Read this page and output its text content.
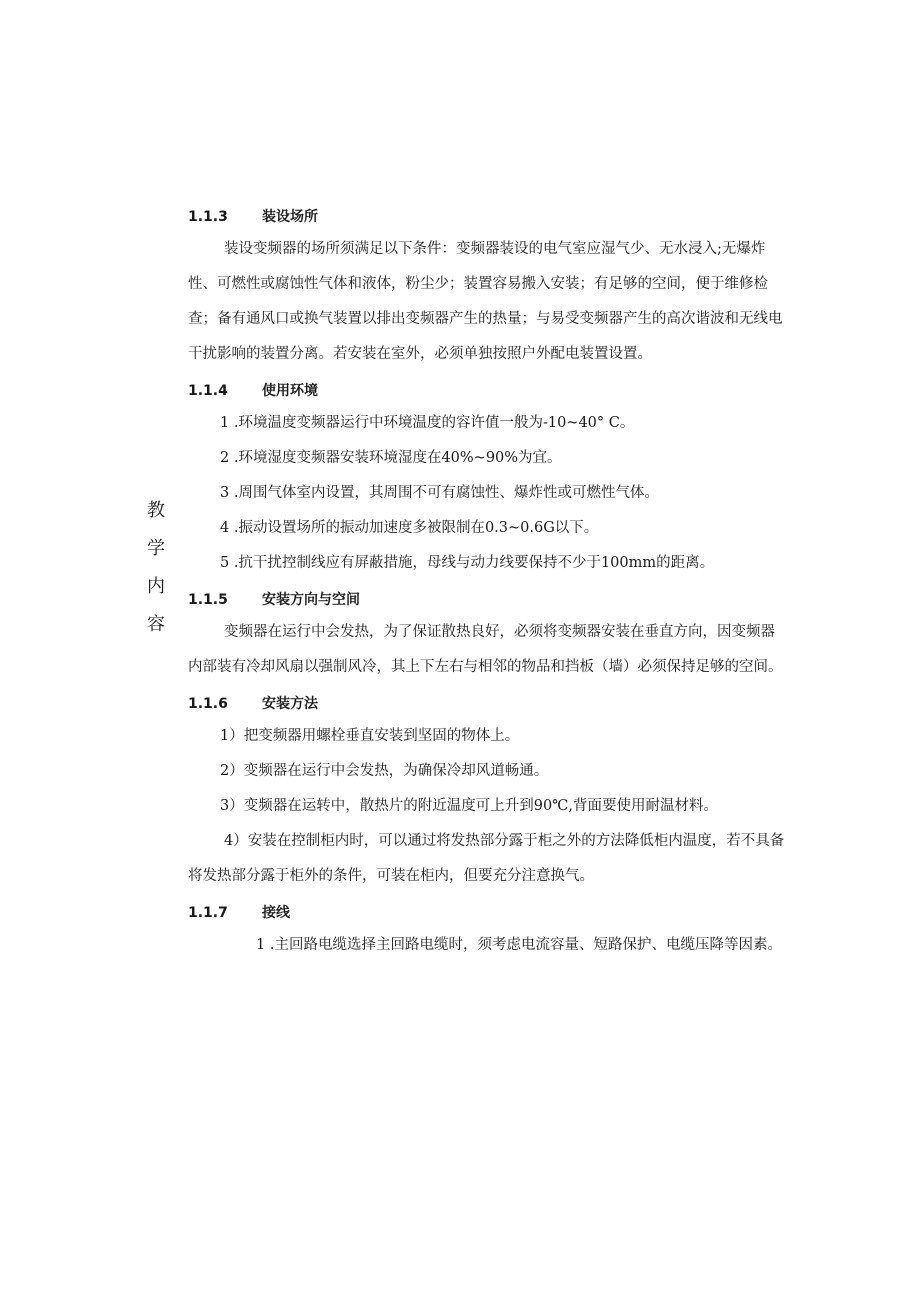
教
学
内
容
1.1.3	装设场所

装设变频器的场所须满足以下条件：变频器装设的电气室应湿气少、无水浸入;无爆炸性、可燃性或腐蚀性气体和液体，粉尘少；装置容易搬入安装；有足够的空间，便于维修检查；备有通风口或换气装置以排出变频器产生的热量；与易受变频器产生的高次谐波和无线电干扰影响的装置分离。若安装在室外，必须单独按照户外配电装置设置。

1.1.4	使用环境

1 .环境温度变频器运行中环境温度的容许值一般为-10~40° C。

2 .环境湿度变频器安装环境湿度在40%~90%为宜。

3 .周围气体室内设置，其周围不可有腐蚀性、爆炸性或可燃性气体。

4 .振动设置场所的振动加速度多被限制在0.3~0.6G以下。

5 .抗干扰控制线应有屏蔽措施，母线与动力线要保持不少于100mm的距离。

1.1.5	安装方向与空间

变频器在运行中会发热，为了保证散热良好，必须将变频器安装在垂直方向，因变频器内部装有冷却风扇以强制风冷，其上下左右与相邻的物品和挡板（墙）必须保持足够的空间。

1.1.6	安装方法

1）把变频器用螺栓垂直安装到坚固的物体上。

2）变频器在运行中会发热，为确保冷却风道畅通。

3）变频器在运转中，散热片的附近温度可上升到90℃,背面要使用耐温材料。

4）安装在控制柜内时，可以通过将发热部分露于柜之外的方法降低柜内温度，若不具备将发热部分露于柜外的条件，可装在柜内，但要充分注意换气。

1.1.7	接线

1 .主回路电缆选择主回路电缆时，须考虑电流容量、短路保护、电缆压降等因素。
